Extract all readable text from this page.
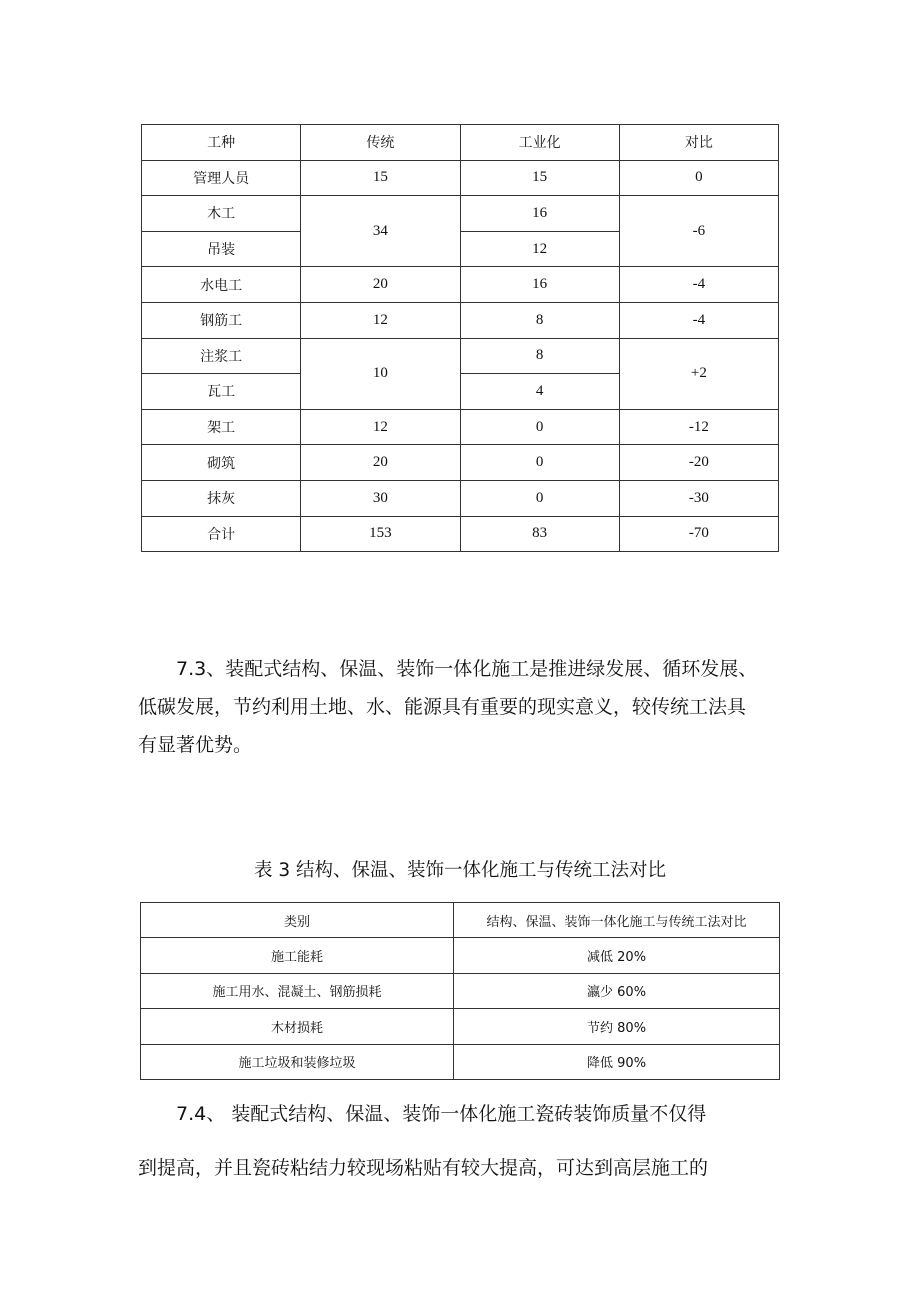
工种	传统	工业化	对比
管理人员	15	15	0
木工	34	16	-6
吊装		12	
水电工	20	16	-4
钢筋工	12	8	-4
注浆工	10	8	+2
瓦工		4	
架工	12	0	-12
砌筑	20	0	-20
抹灰	30	0	-30
合计	153	83	-70
7.3、装配式结构、保温、装饰一体化施工是推进绿发展、循环发展、
低碳发展，节约利用土地、水、能源具有重要的现实意义，较传统工法具
有显著优势。

表 3 结构、保温、装饰一体化施工与传统工法对比

类别	结构、保温、装饰一体化施工与传统工法对比
施工能耗	减低 20%
施工用水、混凝土、钢筋损耗	瀛少 60%
木材损耗	节约 80%
施工垃圾和装修垃圾	降低 90%
7.4、 装配式结构、保温、装饰一体化施工瓷砖装饰质量不仅得
到提高，并且瓷砖粘结力较现场粘贴有较大提高，可达到高层施工的
